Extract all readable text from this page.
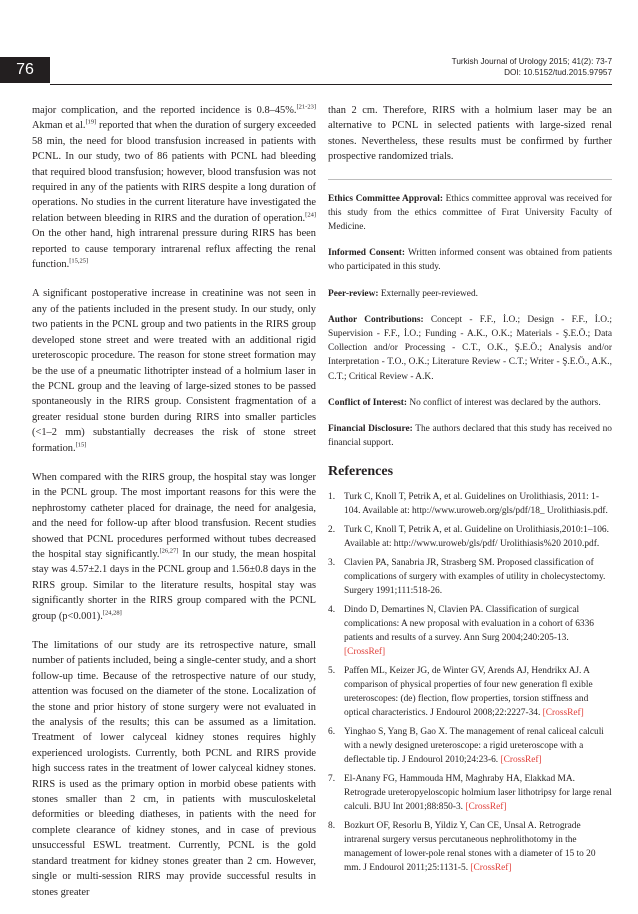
76	Turkish Journal of Urology 2015; 41(2): 73-7
DOI: 10.5152/tud.2015.97957

major complication, and the reported incidence is 0.8–45%.[21-23] Akman et al.[19] reported that when the duration of surgery exceeded 58 min, the need for blood transfusion increased in patients with PCNL. In our study, two of 86 patients with PCNL had bleeding that required blood transfusion; however, blood transfusion was not required in any of the patients with RIRS despite a long duration of operations. No studies in the current literature have investigated the relation between bleeding in RIRS and the duration of operation.[24] On the other hand, high intrarenal pressure during RIRS has been reported to cause temporary intrarenal reflux affecting the renal function.[15,25]

A significant postoperative increase in creatinine was not seen in any of the patients included in the present study. In our study, only two patients in the PCNL group and two patients in the RIRS group developed stone street and were treated with an additional rigid ureteroscopic procedure. The reason for stone street formation may be the use of a pneumatic lithotripter instead of a holmium laser in the PCNL group and the leaving of large-sized stones to be passed spontaneously in the RIRS group. Consistent fragmentation of a greater residual stone burden during RIRS into smaller particles (<1–2 mm) substantially decreases the risk of stone street formation.[15]

When compared with the RIRS group, the hospital stay was longer in the PCNL group. The most important reasons for this were the nephrostomy catheter placed for drainage, the need for analgesia, and the need for follow-up after blood transfusion. Recent studies showed that PCNL procedures performed without tubes decreased the hospital stay significantly.[26,27] In our study, the mean hospital stay was 4.57±2.1 days in the PCNL group and 1.56±0.8 days in the RIRS group. Similar to the literature results, hospital stay was significantly shorter in the RIRS group compared with the PCNL group (p<0.001).[24,28]

The limitations of our study are its retrospective nature, small number of patients included, being a single-center study, and a short follow-up time. Because of the retrospective nature of our study, attention was focused on the diameter of the stone. Localization of the stone and prior history of stone surgery were not evaluated in the analysis of the results; this can be assumed as a limitation. Treatment of lower calyceal kidney stones requires highly experienced urologists. Currently, both PCNL and RIRS provide high success rates in the treatment of lower calyceal kidney stones. RIRS is used as the primary option in morbid obese patients with stones smaller than 2 cm, in patients with musculoskeletal deformities or bleeding diatheses, in patients with the need for complete clearance of kidney stones, and in case of previous unsuccessful ESWL treatment. Currently, PCNL is the gold standard treatment for kidney stones greater than 2 cm. However, single or multi-session RIRS may provide successful results in stones greater

than 2 cm. Therefore, RIRS with a holmium laser may be an alternative to PCNL in selected patients with large-sized renal stones. Nevertheless, these results must be confirmed by further prospective randomized trials.

Ethics Committee Approval: Ethics committee approval was received for this study from the ethics committee of Fırat University Faculty of Medicine.
Informed Consent: Written informed consent was obtained from patients who participated in this study.
Peer-review: Externally peer-reviewed.
Author Contributions: Concept - F.F., İ.O.; Design - F.F., İ.O.; Supervision - F.F., İ.O.; Funding - A.K., O.K.; Materials - Ş.E.Ö.; Data Collection and/or Processing - C.T., O.K., Ş.E.Ö.; Analysis and/or Interpretation - T.O., O.K.; Literature Review - C.T.; Writer - Ş.E.Ö., A.K., C.T.; Critical Review - A.K.
Conflict of Interest: No conflict of interest was declared by the authors.
Financial Disclosure: The authors declared that this study has received no financial support.
References
1. Turk C, Knoll T, Petrik A, et al. Guidelines on Urolithiasis, 2011: 1-104. Available at: http://www.uroweb.org/gls/pdf/18_ Urolithiasis.pdf.
2. Turk C, Knoll T, Petrik A, et al. Guideline on Urolithiasis,2010:1–106. Available at: http://www.uroweb/gls/pdf/ Urolithiasis%20 2010.pdf.
3. Clavien PA, Sanabria JR, Strasberg SM. Proposed classification of complications of surgery with examples of utility in cholecystectomy. Surgery 1991;111:518-26.
4. Dindo D, Demartines N, Clavien PA. Classification of surgical complications: A new proposal with evaluation in a cohort of 6336 patients and results of a survey. Ann Surg 2004;240:205-13. [CrossRef]
5. Paffen ML, Keizer JG, de Winter GV, Arends AJ, Hendrikx AJ. A comparison of physical properties of four new generation fl exible ureteroscopes: (de) flection, flow properties, torsion stiffness and optical characteristics. J Endourol 2008;22:2227-34. [CrossRef]
6. Yinghao S, Yang B, Gao X. The management of renal caliceal calculi with a newly designed ureteroscope: a rigid ureteroscope with a deflectable tip. J Endourol 2010;24:23-6. [CrossRef]
7. El-Anany FG, Hammouda HM, Maghraby HA, Elakkad MA. Retrograde ureteropyeloscopic holmium laser lithotripsy for large renal calculi. BJU Int 2001;88:850-3. [CrossRef]
8. Bozkurt OF, Resorlu B, Yildiz Y, Can CE, Unsal A. Retrograde intrarenal surgery versus percutaneous nephrolithotomy in the management of lower-pole renal stones with a diameter of 15 to 20 mm. J Endourol 2011;25:1131-5. [CrossRef]
